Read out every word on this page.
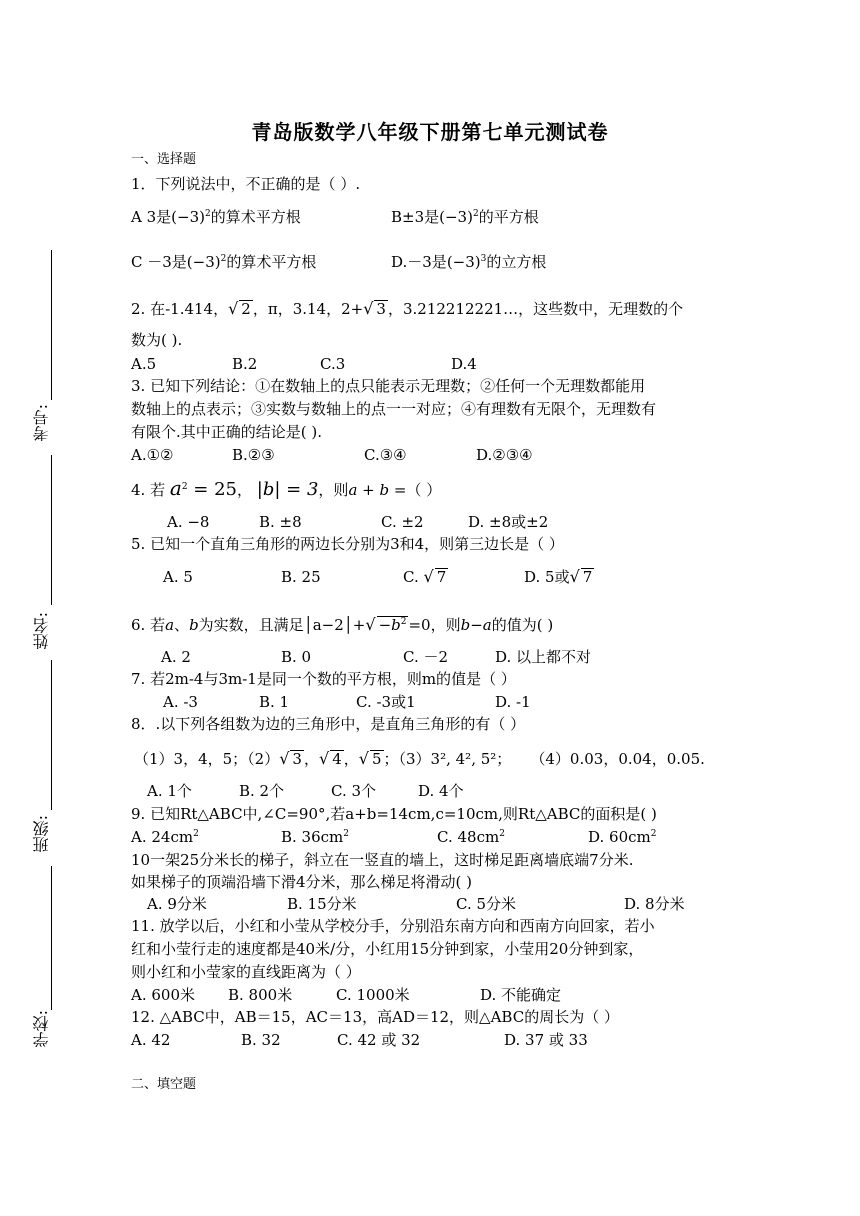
考号:
姓名:
班级:
学校:
青岛版数学八年级下册第七单元测试卷
一、选择题
1．下列说法中，不正确的是（ ）.
A 3是$(-3)^2$的算术平方根	B±3是$(-3)^2$的平方根
C －3是$(-3)^2$的算术平方根	D.－3是$(-3)^3$的立方根
2. 在-1.414，√ 2 ，π，3.14，2+√ 3 ，3.212212221…，这些数中，无理数的个
数为( ).
A.5	B.2	C.3	D.4
3. 已知下列结论：①在数轴上的点只能表示无理数；②任何一个无理数都能用
数轴上的点表示；③实数与数轴上的点一一对应；④有理数有无限个，无理数有
有限个.其中正确的结论是( ).
A.①②	B.②③	C.③④	D.②③④
4. 若 $a^2 = 25$， |b| = 3，则a + b =（ ）
A. −8	B. ±8	C. ±2	D. ±8或±2
5. 已知一个直角三角形的两边长分别为3和4，则第三边长是（ ）
A. 5	B. 25	C. √ 7	D. 5或√ 7
6. 若a、b为实数，且满足│a−2│+√ $-b^2 =0$，则b−a的值为( )
A. 2	B. 0	C. －2	D. 以上都不对
7. 若2m-4与3m-1是同一个数的平方根，则m的值是（ ）
A. -3	B. 1	C. -3或1	D. -1
8．.以下列各组数为边的三角形中，是直角三角形的有（ ）
（1）3，4，5；（2）√ 3 ，√ 4 ，√ 5 ；（3）3², 4², 5²；    （4）0.03，0.04，0.05.
A. 1个	B. 2个	C. 3个	D. 4个
9. 已知Rt△ABC中,∠C=90°,若a+b=14cm,c=10cm,则Rt△ABC的面积是( )
A. $24cm^2$	B. $36cm^2$	C. $48cm^2$	D. $60cm^2$
10一架25分米长的梯子，斜立在一竖直的墙上，这时梯足距离墙底端7分米.
如果梯子的顶端沿墙下滑4分米，那么梯足将滑动( )
A. 9分米	B. 15分米	C. 5分米	D. 8分米
11. 放学以后，小红和小莹从学校分手，分别沿东南方向和西南方向回家，若小
红和小莹行走的速度都是40米/分，小红用15分钟到家，小莹用20分钟到家，
则小红和小莹家的直线距离为（ ）
A. 600米 B. 800米	C. 1000米	D. 不能确定
12. △ABC中，AB＝15，AC＝13，高AD＝12，则△ABC的周长为（ ）
A. 42	B. 32	C. 42 或 32	D. 37 或 33
二、填空题
